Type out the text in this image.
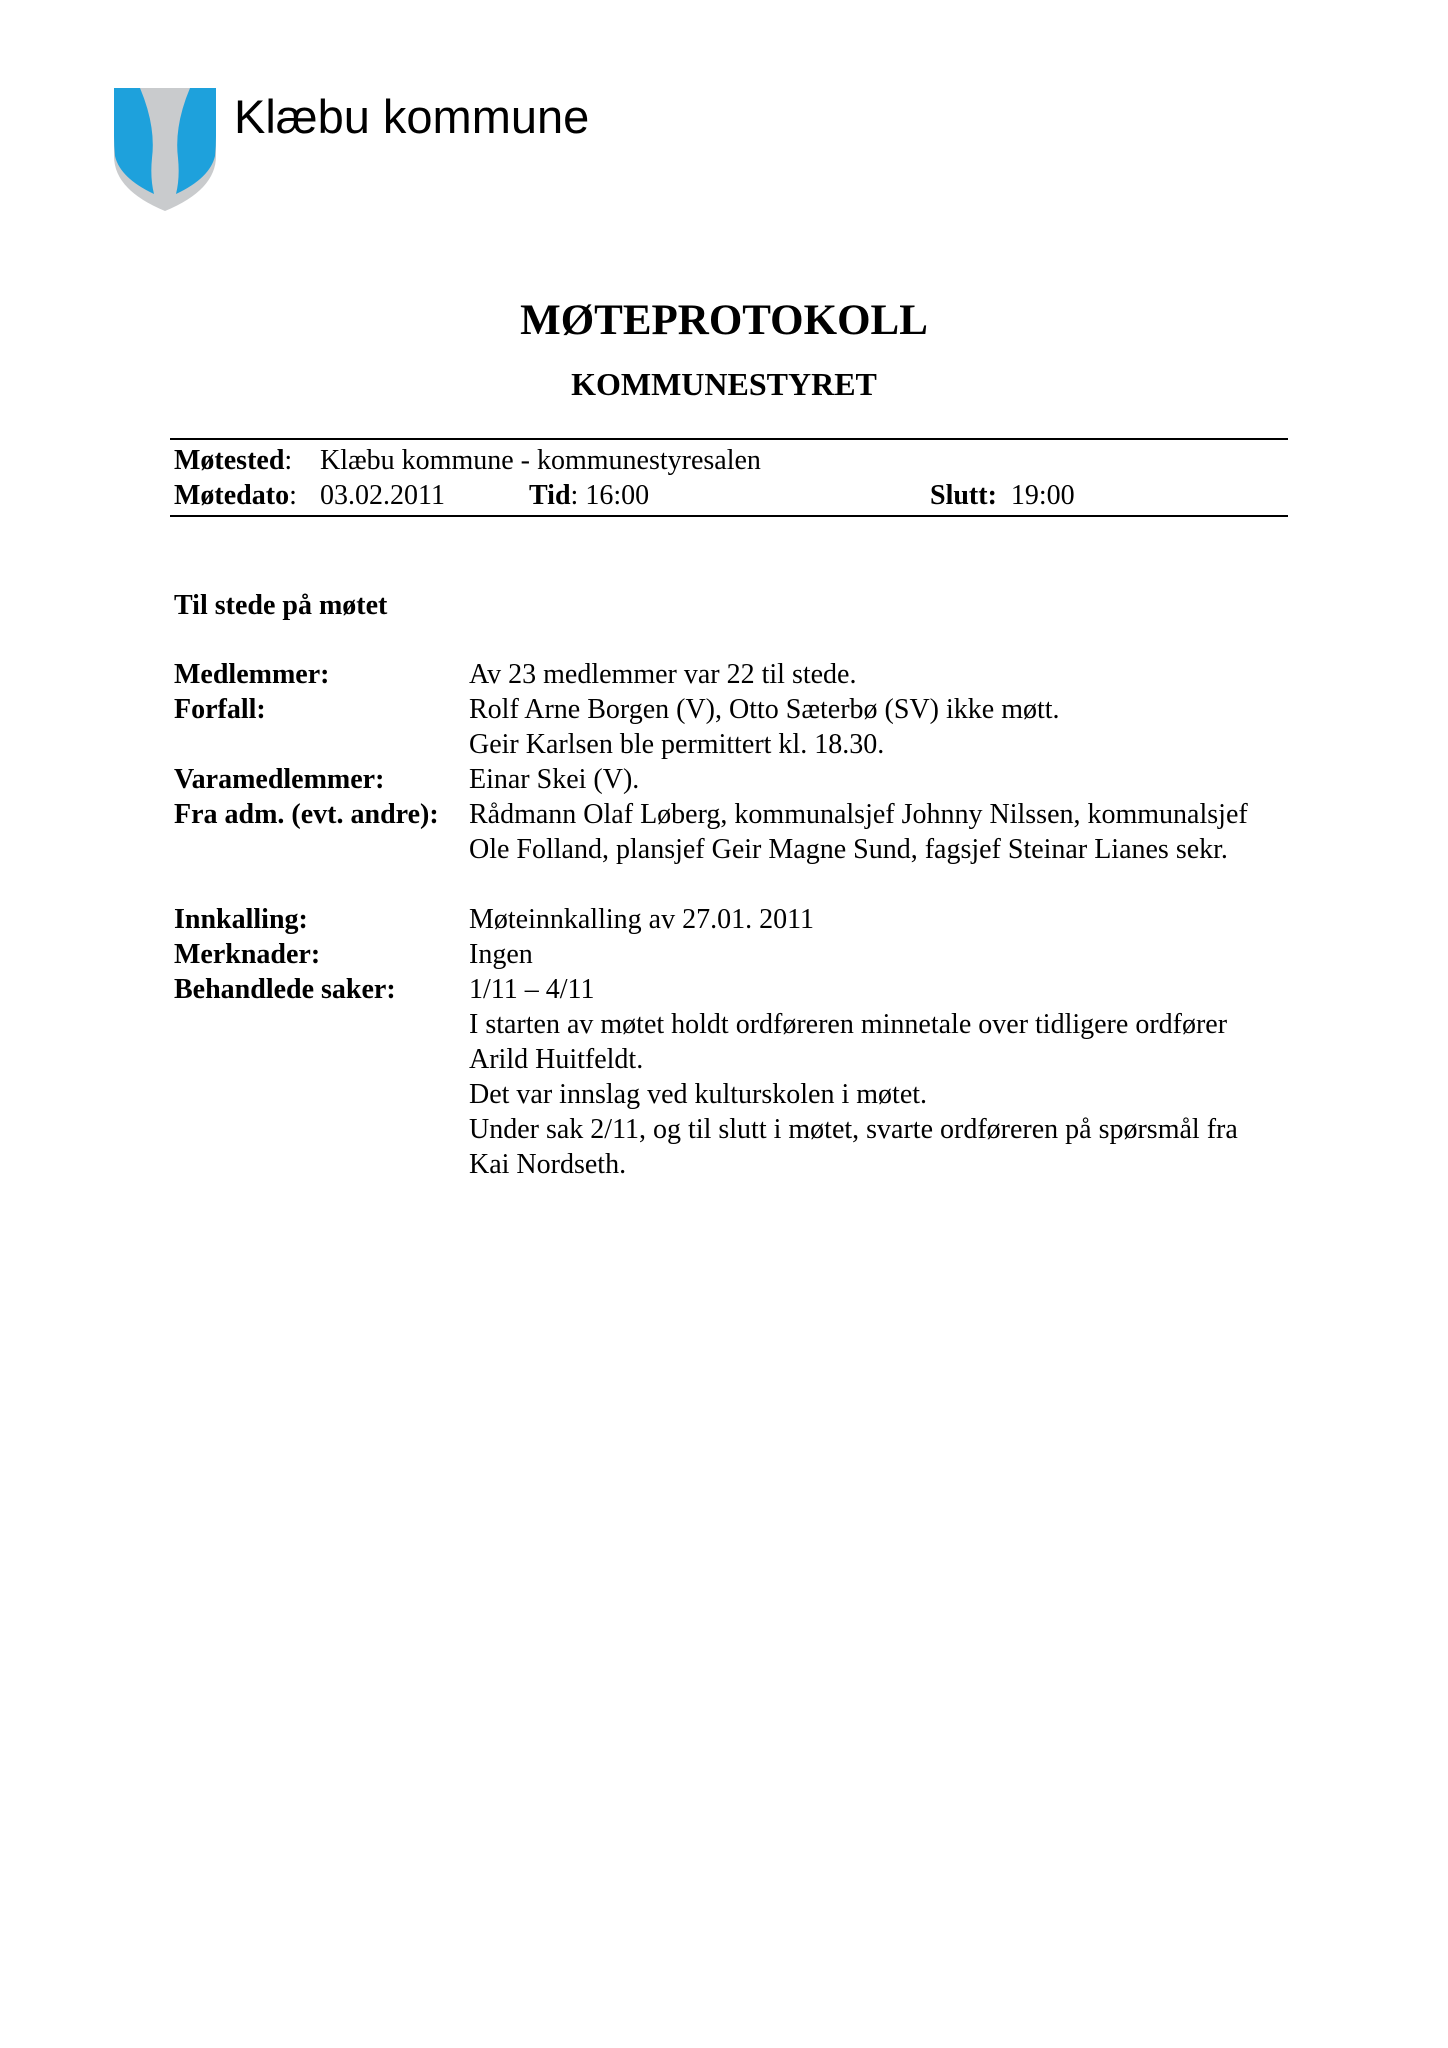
Klæbu kommune
MØTEPROTOKOLL
KOMMUNESTYRET
Møtested: Klæbu kommune - kommunestyresalen
Møtedato: 03.02.2011	Tid: 16:00	Slutt: 19:00
Til stede på møtet
Medlemmer:	Av 23 medlemmer var 22 til stede.
Forfall:	Rolf Arne Borgen (V), Otto Sæterbø (SV) ikke møtt.
Geir Karlsen ble permittert kl. 18.30.
Varamedlemmer:	Einar Skei (V).
Fra adm. (evt. andre): Rådmann Olaf Løberg, kommunalsjef Johnny Nilssen, kommunalsjef
Ole Folland, plansjef Geir Magne Sund, fagsjef Steinar Lianes sekr.
Innkalling:	Møteinnkalling av 27.01. 2011
Merknader:	Ingen
Behandlede saker:	1/11 – 4/11
I starten av møtet holdt ordføreren minnetale over tidligere ordfører
Arild Huitfeldt.
Det var innslag ved kulturskolen i møtet.
Under sak 2/11, og til slutt i møtet, svarte ordføreren på spørsmål fra
Kai Nordseth.
